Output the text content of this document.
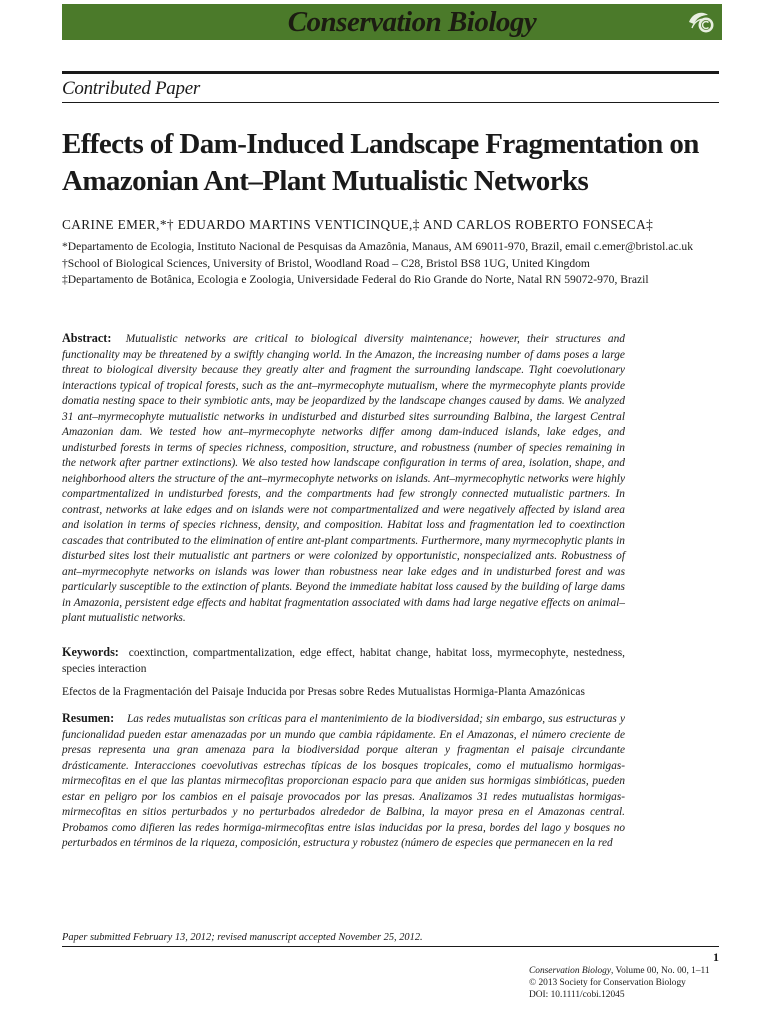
Conservation Biology
Contributed Paper
Effects of Dam-Induced Landscape Fragmentation on Amazonian Ant–Plant Mutualistic Networks
CARINE EMER,*† EDUARDO MARTINS VENTICINQUE,‡ AND CARLOS ROBERTO FONSECA‡
*Departamento de Ecologia, Instituto Nacional de Pesquisas da Amazônia, Manaus, AM 69011-970, Brazil, email c.emer@bristol.ac.uk
†School of Biological Sciences, University of Bristol, Woodland Road – C28, Bristol BS8 1UG, United Kingdom
‡Departamento de Botânica, Ecologia e Zoologia, Universidade Federal do Rio Grande do Norte, Natal RN 59072-970, Brazil

Abstract: Mutualistic networks are critical to biological diversity maintenance; however, their structures and functionality may be threatened by a swiftly changing world. In the Amazon, the increasing number of dams poses a large threat to biological diversity because they greatly alter and fragment the surrounding landscape. Tight coevolutionary interactions typical of tropical forests, such as the ant–myrmecophyte mutualism, where the myrmecophyte plants provide domatia nesting space to their symbiotic ants, may be jeopardized by the landscape changes caused by dams. We analyzed 31 ant–myrmecophyte mutualistic networks in undisturbed and disturbed sites surrounding Balbina, the largest Central Amazonian dam. We tested how ant–myrmecophyte networks differ among dam-induced islands, lake edges, and undisturbed forests in terms of species richness, composition, structure, and robustness (number of species remaining in the network after partner extinctions). We also tested how landscape configuration in terms of area, isolation, shape, and neighborhood alters the structure of the ant–myrmecophyte networks on islands. Ant–myrmecophytic networks were highly compartmentalized in undisturbed forests, and the compartments had few strongly connected mutualistic partners. In contrast, networks at lake edges and on islands were not compartmentalized and were negatively affected by island area and isolation in terms of species richness, density, and composition. Habitat loss and fragmentation led to coextinction cascades that contributed to the elimination of entire ant-plant compartments. Furthermore, many myrmecophytic plants in disturbed sites lost their mutualistic ant partners or were colonized by opportunistic, nonspecialized ants. Robustness of ant–myrmecophyte networks on islands was lower than robustness near lake edges and in undisturbed forest and was particularly susceptible to the extinction of plants. Beyond the immediate habitat loss caused by the building of large dams in Amazonia, persistent edge effects and habitat fragmentation associated with dams had large negative effects on animal–plant mutualistic networks.

Keywords: coextinction, compartmentalization, edge effect, habitat change, habitat loss, myrmecophyte, nestedness, species interaction

Efectos de la Fragmentación del Paisaje Inducida por Presas sobre Redes Mutualistas Hormiga-Planta Amazónicas

Resumen: Las redes mutualistas son críticas para el mantenimiento de la biodiversidad; sin embargo, sus estructuras y funcionalidad pueden estar amenazadas por un mundo que cambia rápidamente. En el Amazonas, el número creciente de presas representa una gran amenaza para la biodiversidad porque alteran y fragmentan el paisaje circundante drásticamente. Interacciones coevolutivas estrechas típicas de los bosques tropicales, como el mutualismo hormigas-mirmecofitas en el que las plantas mirmecofitas proporcionan espacio para que aniden sus hormigas simbióticas, pueden estar en peligro por los cambios en el paisaje provocados por las presas. Analizamos 31 redes mutualistas hormigas-mirmecofitas en sitios perturbados y no perturbados alrededor de Balbina, la mayor presa en el Amazonas central. Probamos como difieren las redes hormiga-mirmecofitas entre islas inducidas por la presa, bordes del lago y bosques no perturbados en términos de la riqueza, composición, estructura y robustez (número de especies que permanecen en la red

Paper submitted February 13, 2012; revised manuscript accepted November 25, 2012.
1
Conservation Biology, Volume 00, No. 00, 1–11
© 2013 Society for Conservation Biology
DOI: 10.1111/cobi.12045
